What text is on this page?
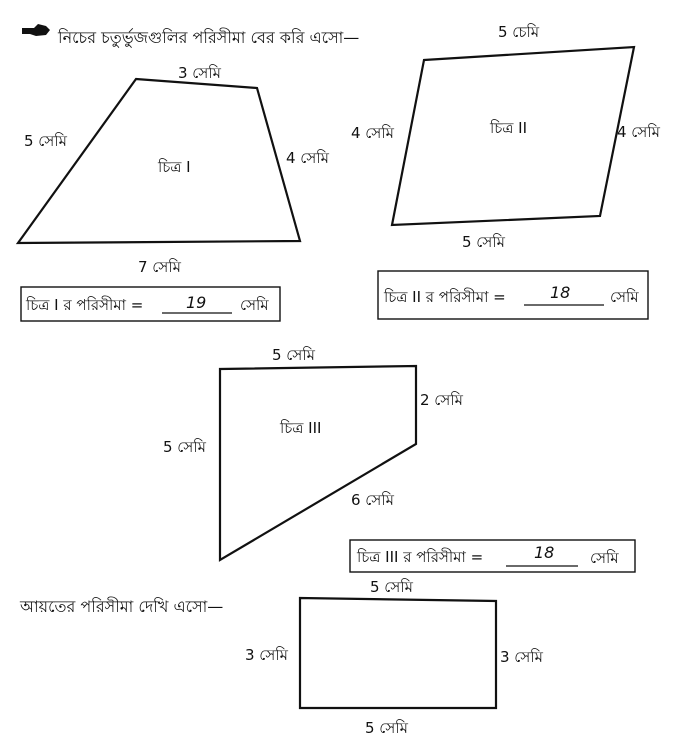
নিচের চতুর্ভুজগুলির পরিসীমা বের করি এসো—
3 সেমি
5 সেমি
4 সেমি
7 সেমি
চিত্র I
চিত্র I র পরিসীমা =	19 সেমি
5 চেমি
4 সেমি	4 সেমি
5 সেমি
চিত্র II
চিত্র II র পরিসীমা =	18	সেমি
5 সেমি
2 সেমি
5 সেমি
6 সেমি
চিত্র III
চিত্র III র পরিসীমা =	18 সেমি
আয়তের পরিসীমা দেখি এসো—
5 সেমি
3 সেমি	3 সেমি
5 সেমি
